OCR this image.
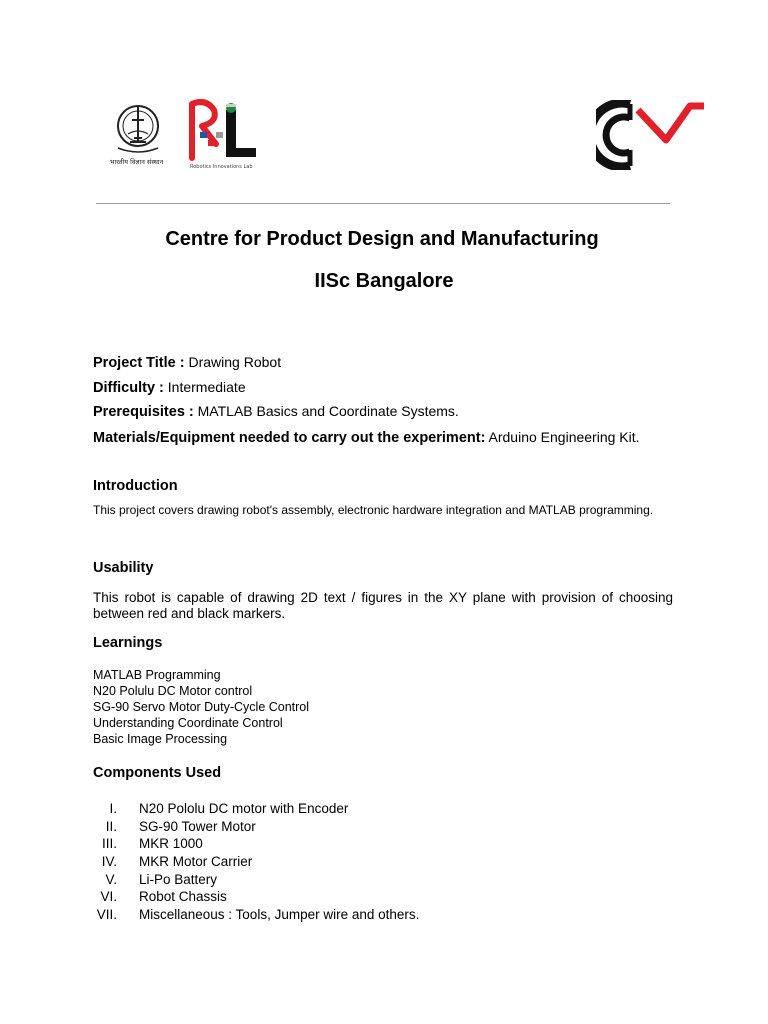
भारतीय विज्ञान संस्थान
Robotics Innovations Lab
Centre for Product Design and Manufacturing
IISc Bangalore

Project Title : Drawing Robot

Difficulty : Intermediate

Prerequisites : MATLAB Basics and Coordinate Systems.

Materials/Equipment needed to carry out the experiment: Arduino Engineering Kit.

Introduction

This project covers drawing robot's assembly, electronic hardware integration and MATLAB programming.

Usability

This robot is capable of drawing 2D text / figures in the XY plane with provision of choosing between red and black markers.

Learnings
MATLAB Programming
N20 Polulu DC Motor control
SG-90 Servo Motor Duty-Cycle Control
Understanding Coordinate Control
Basic Image Processing
Components Used
I. N20 Pololu DC motor with Encoder
II. SG-90 Tower Motor
III. MKR 1000
IV. MKR Motor Carrier
V. Li-Po Battery
VI. Robot Chassis
VII. Miscellaneous : Tools, Jumper wire and others.
